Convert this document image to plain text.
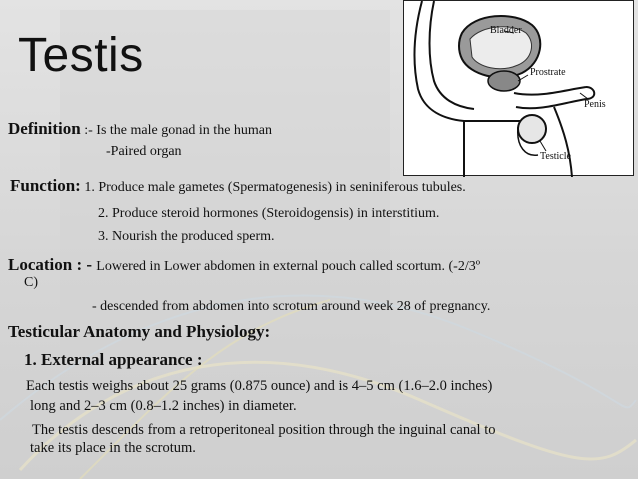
Testis	Bladder
Prostrate
Penis
Testicle
Definition :- Is the male gonad in the human
-Paired organ
Function: 1. Produce male gametes (Spermatogenesis) in seniniferous tubules.
2. Produce steroid hormones (Steroidogensis) in interstitium.
3. Nourish the produced sperm.
Location : - Lowered in Lower abdomen in external pouch called scortum. (-2/3º
C)
- descended from abdomen into scrotum around week 28 of pregnancy.
Testicular Anatomy and Physiology:
1. External appearance :
Each testis weighs about 25 grams (0.875 ounce) and is 4–5 cm (1.6–2.0 inches)
long and 2–3 cm (0.8–1.2 inches) in diameter.
The testis descends from a retroperitoneal position through the inguinal canal to
take its place in the scrotum.
